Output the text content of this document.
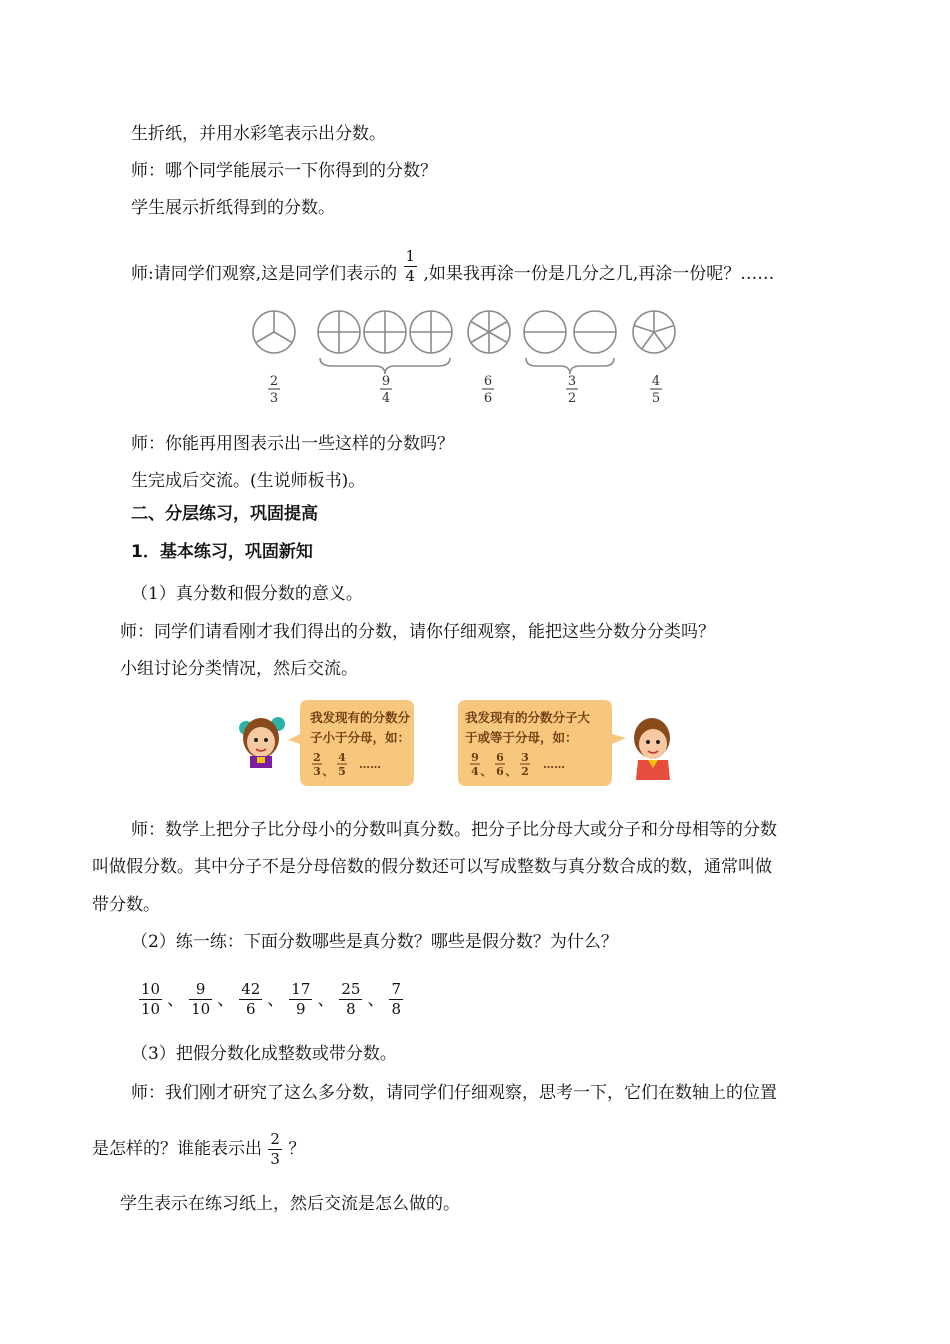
生折纸，并用水彩笔表示出分数。
师：哪个同学能展示一下你得到的分数？
学生展示折纸得到的分数。
师:请同学们观察,这是同学们表示的 $\frac{1}{4}$ ,如果我再涂一份是几分之几,再涂一份呢？……
2
3
9
4
6
6
3
2
4
5
师：你能再用图表示出一些这样的分数吗？
生完成后交流。(生说师板书)。
二、分层练习，巩固提高
1．基本练习，巩固新知
（1）真分数和假分数的意义。
师：同学们请看刚才我们得出的分数，请你仔细观察，能把这些分数分分类吗？
小组讨论分类情况，然后交流。
我发现有的分数分
子小于分母，如：
2
3 、
4
5
……
我发现有的分数分子大
于或等于分母，如：
9
4 、
6
6 、
3
2
……
师：数学上把分子比分母小的分数叫真分数。把分子比分母大或分子和分母相等的分数
叫做假分数。其中分子不是分母倍数的假分数还可以写成整数与真分数合成的数，通常叫做
带分数。
（2）练一练：下面分数哪些是真分数？哪些是假分数？为什么？
$\frac{10}{10}$ 、 $\frac{9}{10}$ 、 $\frac{42}{6}$ 、 $\frac{17}{9}$ 、 $\frac{25}{8}$ 、 $\frac{7}{8}$
（3）把假分数化成整数或带分数。
师：我们刚才研究了这么多分数，请同学们仔细观察，思考一下，它们在数轴上的位置
是怎样的？谁能表示出 $\frac{2}{3}$ ？
学生表示在练习纸上，然后交流是怎么做的。
